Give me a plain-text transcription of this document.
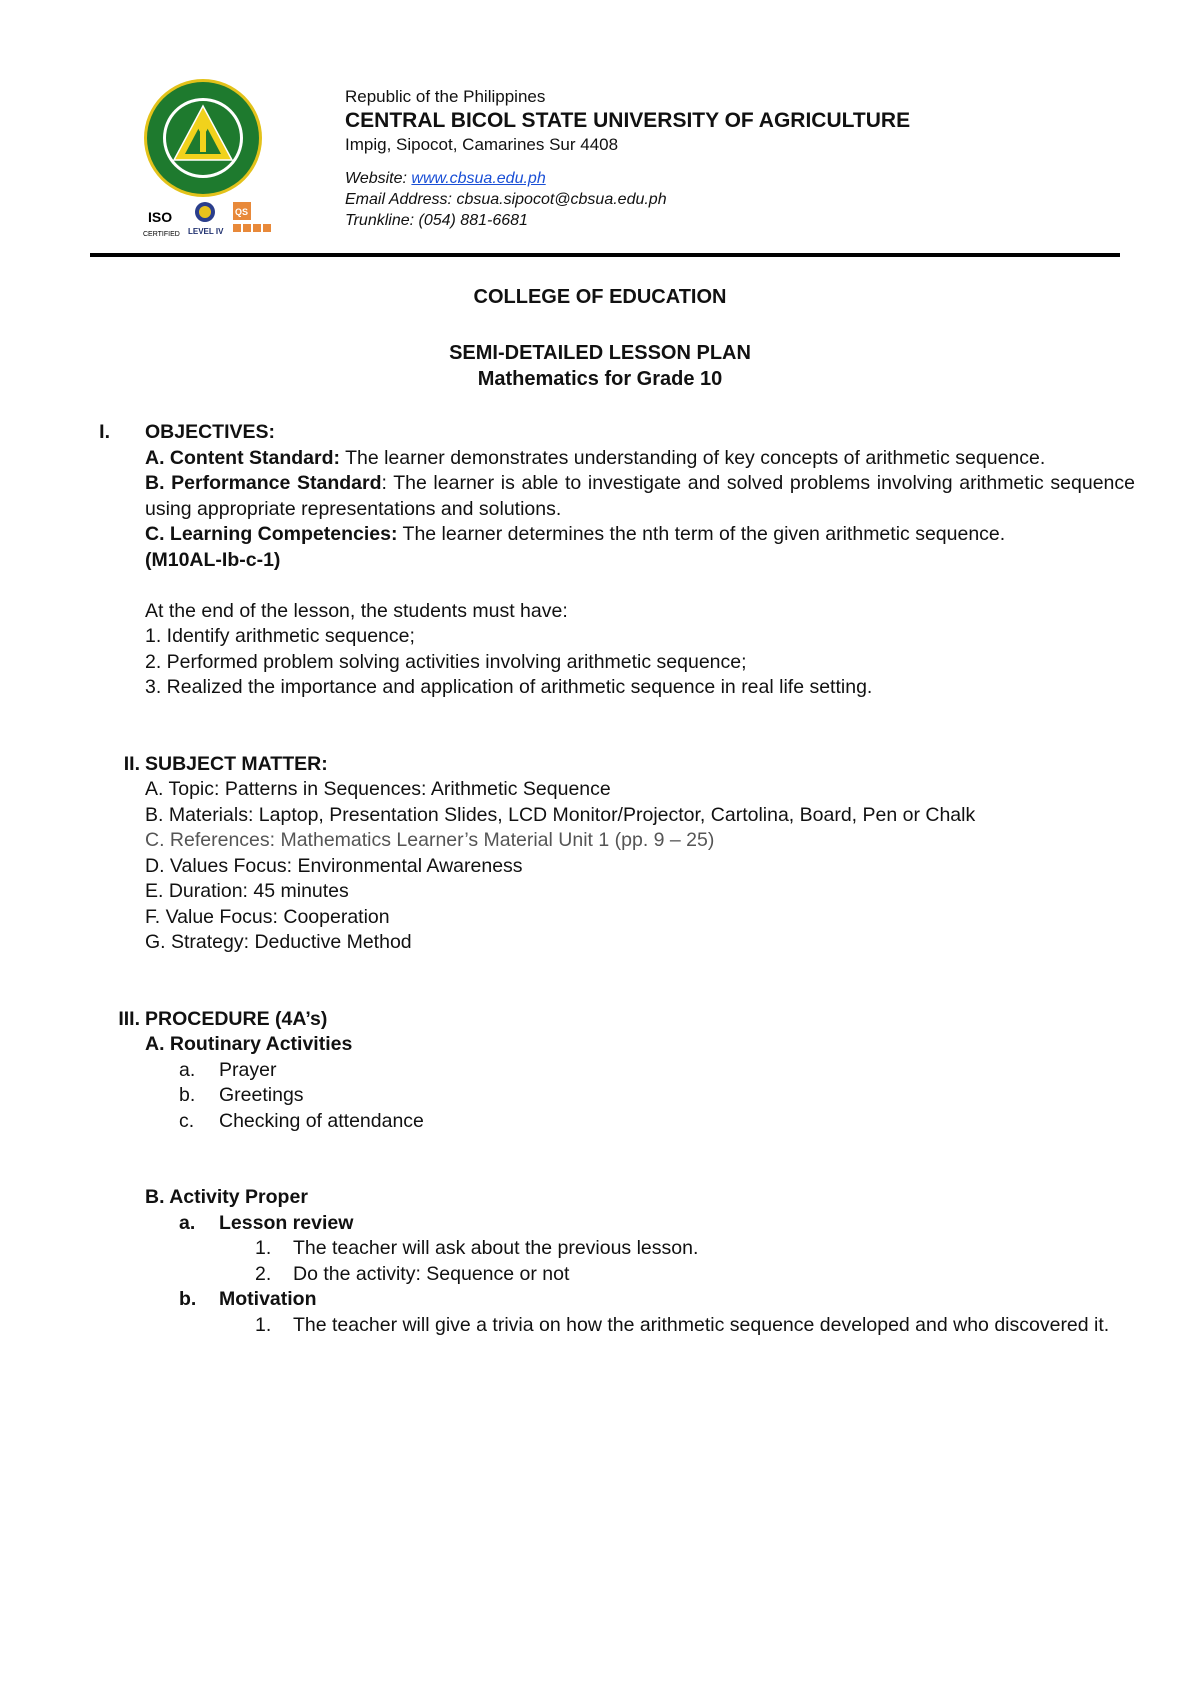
ISO
CERTIFIED LEVEL IV
QS
Republic of the Philippines
CENTRAL BICOL STATE UNIVERSITY OF AGRICULTURE
Impig, Sipocot, Camarines Sur 4408
Website: www.cbsua.edu.ph
Email Address: cbsua.sipocot@cbsua.edu.ph
Trunkline: (054) 881-6681
COLLEGE OF EDUCATION
SEMI-DETAILED LESSON PLAN
Mathematics for Grade 10
I.	OBJECTIVES:
A. Content Standard: The learner demonstrates understanding of key concepts of arithmetic sequence.
B. Performance Standard: The learner is able to investigate and solved problems involving arithmetic sequence using appropriate representations and solutions.
C. Learning Competencies: The learner determines the nth term of the given arithmetic sequence.
(M10AL-Ib-c-1)
At the end of the lesson, the students must have:
1. Identify arithmetic sequence;
2. Performed problem solving activities involving arithmetic sequence;
3. Realized the importance and application of arithmetic sequence in real life setting.
II. SUBJECT MATTER:
A. Topic: Patterns in Sequences: Arithmetic Sequence
B. Materials: Laptop, Presentation Slides, LCD Monitor/Projector, Cartolina, Board, Pen or Chalk
C. References: Mathematics Learner’s Material Unit 1 (pp. 9 – 25)
D. Values Focus: Environmental Awareness
E. Duration: 45 minutes
F. Value Focus: Cooperation
G. Strategy: Deductive Method
III. PROCEDURE (4A’s)
A. Routinary Activities
a. Prayer
b. Greetings
c. Checking of attendance
B. Activity Proper
a. Lesson review
1. The teacher will ask about the previous lesson.
2. Do the activity: Sequence or not
b. Motivation
1. The teacher will give a trivia on how the arithmetic sequence developed and who discovered it.
